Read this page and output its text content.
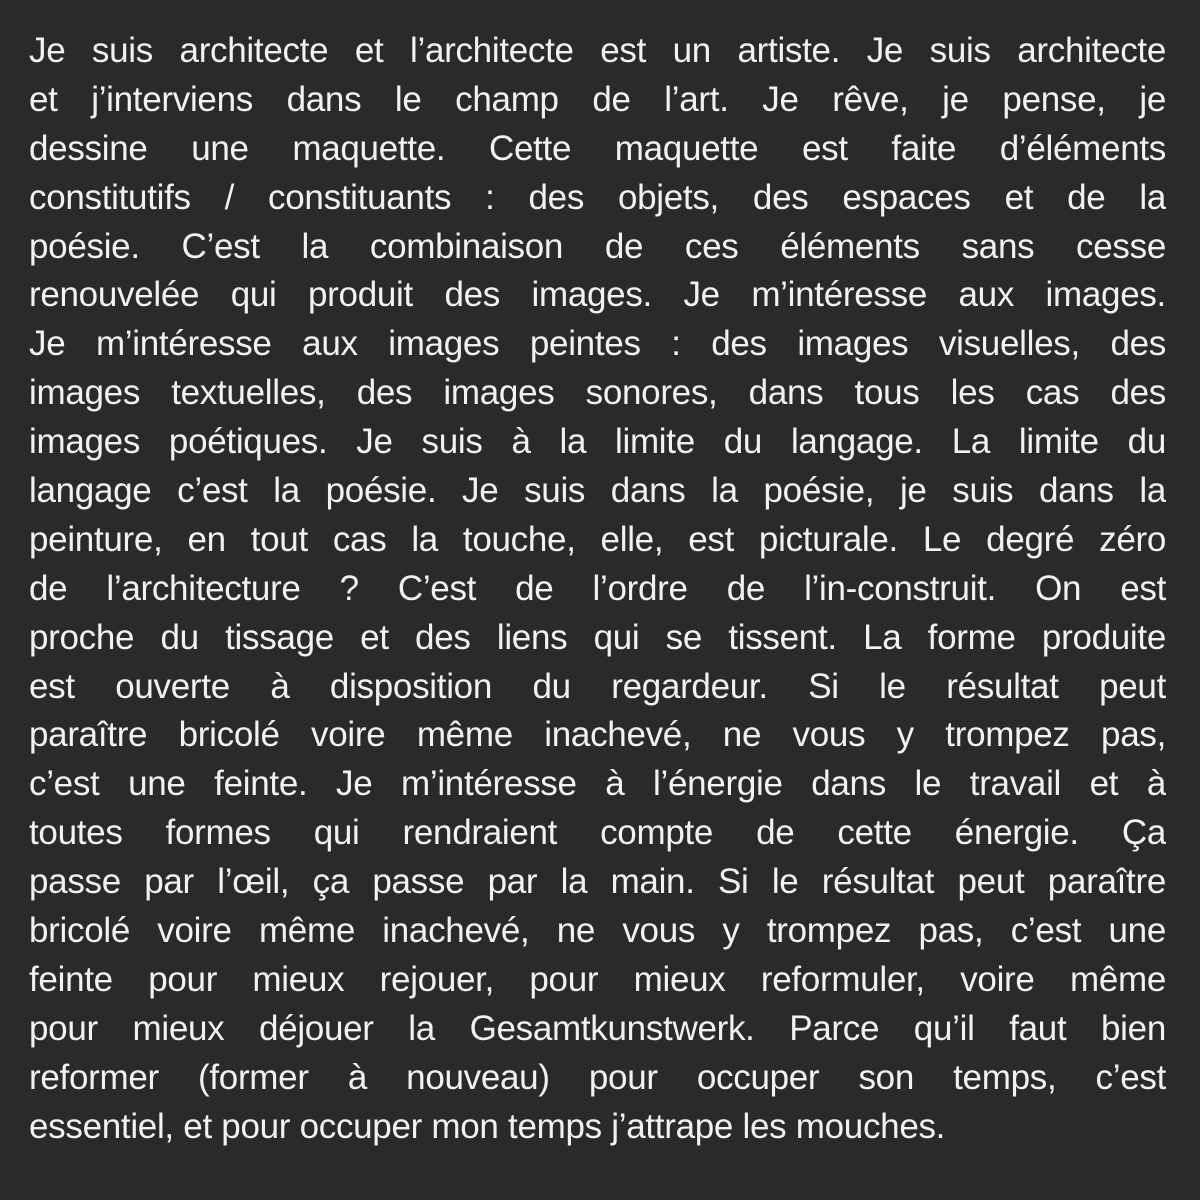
Je suis architecte et l’architecte est un artiste. Je suis architecte
et j’interviens dans le champ de l’art. Je rêve, je pense, je
dessine une maquette. Cette maquette est faite d’éléments
constitutifs / constituants : des objets, des espaces et de la
poésie. C’est la combinaison de ces éléments sans cesse
renouvelée qui produit des images. Je m’intéresse aux images.
Je m’intéresse aux images peintes : des images visuelles, des
images textuelles, des images sonores, dans tous les cas des
images poétiques. Je suis à la limite du langage. La limite du
langage c’est la poésie. Je suis dans la poésie, je suis dans la
peinture, en tout cas la touche, elle, est picturale. Le degré zéro
de l’architecture ? C’est de l’ordre de l’in-construit. On est
proche du tissage et des liens qui se tissent. La forme produite
est ouverte à disposition du regardeur. Si le résultat peut
paraître bricolé voire même inachevé, ne vous y trompez pas,
c’est une feinte. Je m’intéresse à l’énergie dans le travail et à
toutes formes qui rendraient compte de cette énergie. Ça
passe par l’œil, ça passe par la main. Si le résultat peut paraître
bricolé voire même inachevé, ne vous y trompez pas, c’est une
feinte pour mieux rejouer, pour mieux reformuler, voire même
pour mieux déjouer la Gesamtkunstwerk. Parce qu’il faut bien
reformer (former à nouveau) pour occuper son temps, c’est
essentiel, et pour occuper mon temps j’attrape les mouches.
